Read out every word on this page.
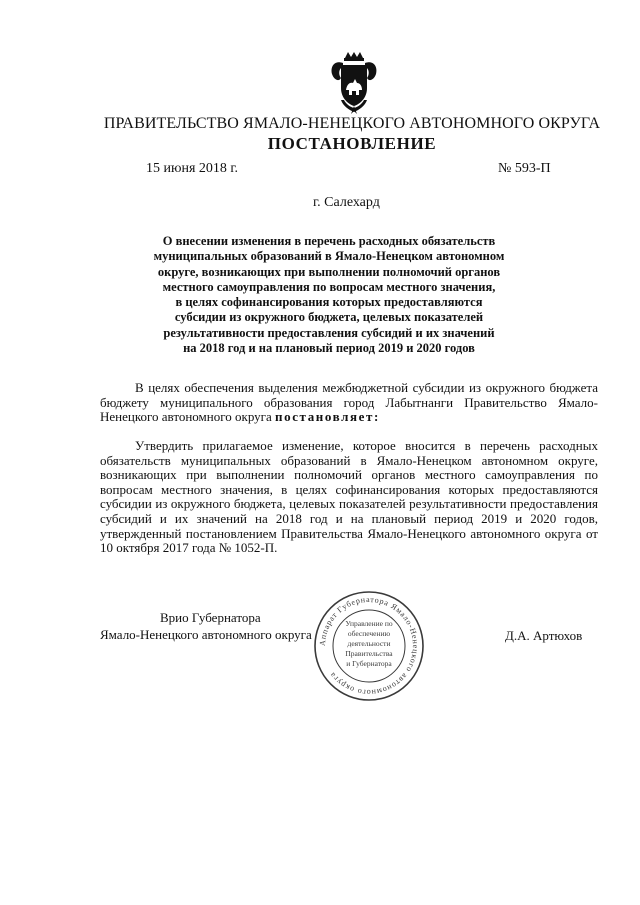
ПРАВИТЕЛЬСТВО ЯМАЛО-НЕНЕЦКОГО АВТОНОМНОГО ОКРУГА
ПОСТАНОВЛЕНИЕ
15 июня 2018 г.	№ 593-П
г. Салехард
О внесении изменения в перечень расходных обязательств
муниципальных образований в Ямало-Ненецком автономном
округе, возникающих при выполнении полномочий органов
местного самоуправления по вопросам местного значения,
в целях софинансирования которых предоставляются
субсидии из окружного бюджета, целевых показателей
результативности предоставления субсидий и их значений
на 2018 год и на плановый период 2019 и 2020 годов
В целях обеспечения выделения межбюджетной субсидии из окружного бюджета бюджету муниципального образования город Лабытнанги Правительство Ямало-Ненецкого автономного округа постановляет:
Утвердить прилагаемое изменение, которое вносится в перечень расходных обязательств муниципальных образований в Ямало-Ненецком автономном округе, возникающих при выполнении полномочий органов местного самоуправления по вопросам местного значения, в целях софинансирования которых предоставляются субсидии из окружного бюджета, целевых показателей результативности предоставления субсидий и их значений на 2018 год и на плановый период 2019 и 2020 годов, утвержденный постановлением Правительства Ямало-Ненецкого автономного округа от 10 октября 2017 года № 1052-П.
Врио Губернатора
Ямало-Ненецкого автономного округа
Аппарат Губернатора Ямало-Ненецкого автономного округа
Управление по
обеспечению
деятельности
Правительства
и Губернатора
Д.А. Артюхов
